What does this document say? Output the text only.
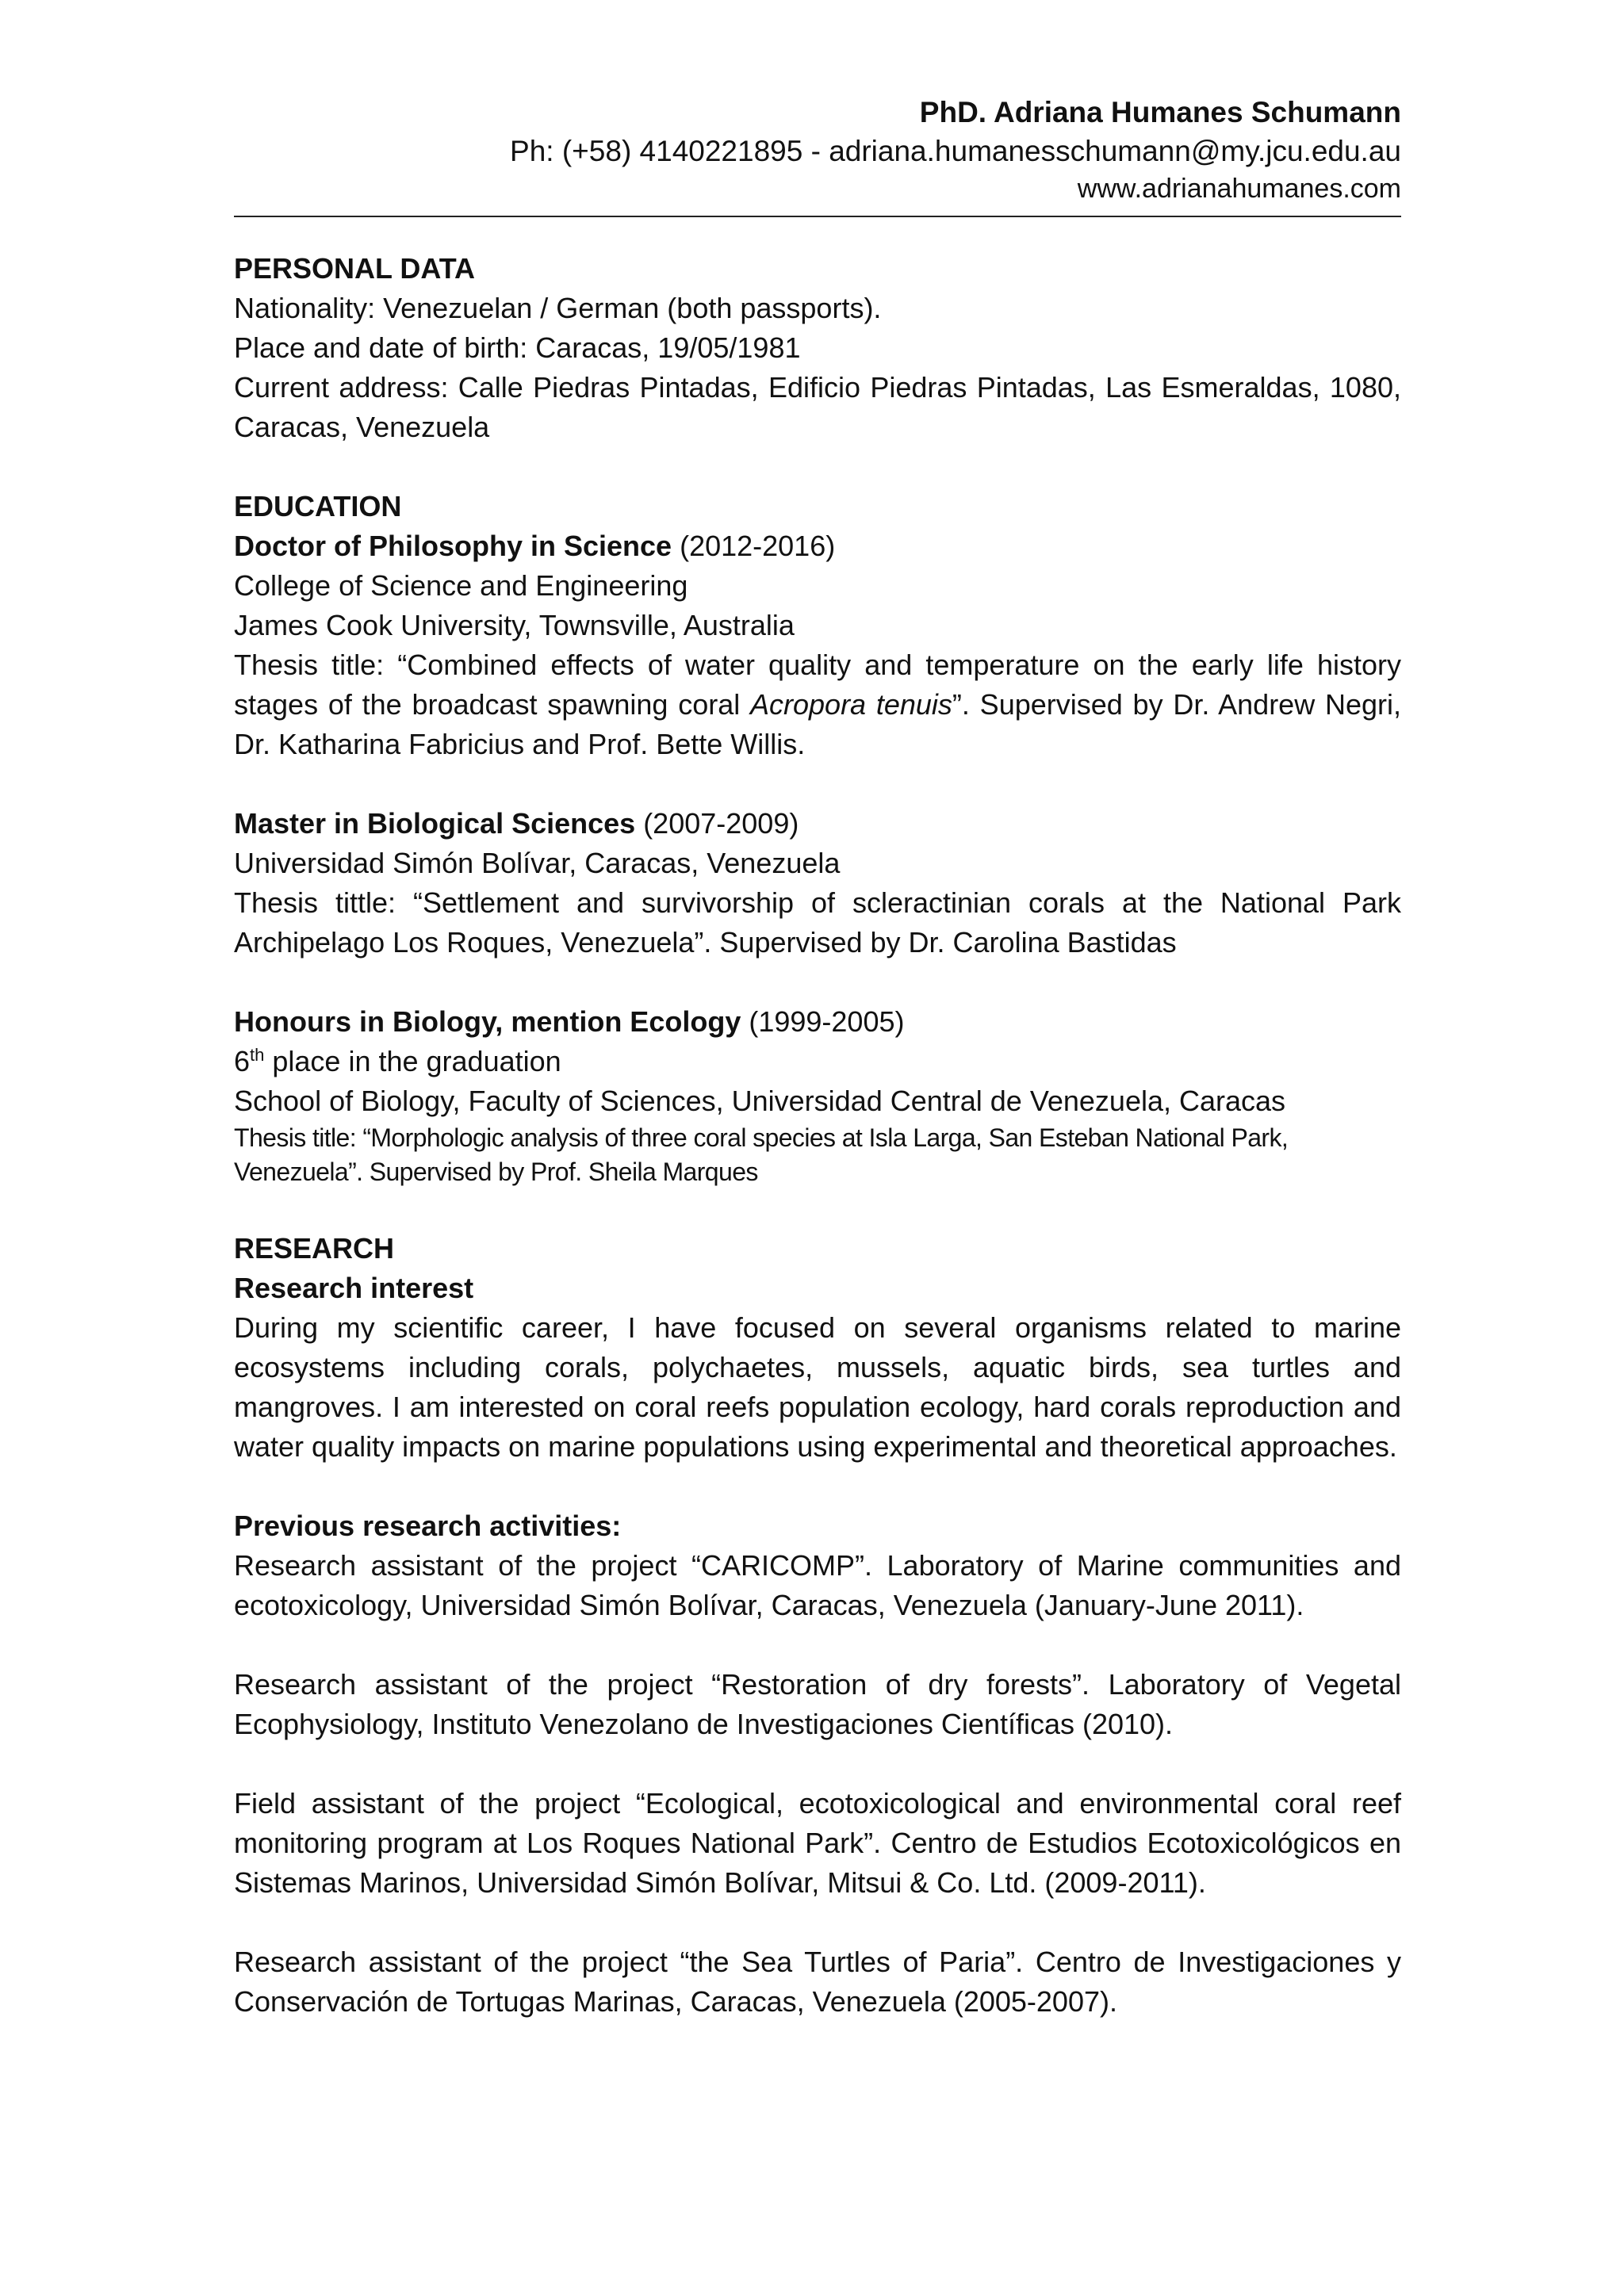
PhD. Adriana Humanes Schumann
Ph: (+58) 4140221895 - adriana.humanesschumann@my.jcu.edu.au
www.adrianahumanes.com

PERSONAL DATA

Nationality: Venezuelan / German (both passports).

Place and date of birth: Caracas, 19/05/1981

Current address: Calle Piedras Pintadas, Edificio Piedras Pintadas, Las Esmeraldas, 1080, Caracas, Venezuela

EDUCATION

Doctor of Philosophy in Science (2012-2016)

College of Science and Engineering

James Cook University, Townsville, Australia

Thesis title: “Combined effects of water quality and temperature on the early life history stages of the broadcast spawning coral Acropora tenuis”. Supervised by Dr. Andrew Negri, Dr. Katharina Fabricius and Prof. Bette Willis.

Master in Biological Sciences (2007-2009)

Universidad Simón Bolívar, Caracas, Venezuela

Thesis tittle: “Settlement and survivorship of scleractinian corals at the National Park Archipelago Los Roques, Venezuela”. Supervised by Dr. Carolina Bastidas

Honours in Biology, mention Ecology (1999-2005)

6th place in the graduation

School of Biology, Faculty of Sciences, Universidad Central de Venezuela, Caracas

Thesis title: “Morphologic analysis of three coral species at Isla Larga, San Esteban National Park, Venezuela”. Supervised by Prof. Sheila Marques

RESEARCH

Research interest

During my scientific career, I have focused on several organisms related to marine ecosystems including corals, polychaetes, mussels, aquatic birds, sea turtles and mangroves. I am interested on coral reefs population ecology, hard corals reproduction and water quality impacts on marine populations using experimental and theoretical approaches.

Previous research activities:

Research assistant of the project “CARICOMP”. Laboratory of Marine communities and ecotoxicology, Universidad Simón Bolívar, Caracas, Venezuela (January-June 2011).

Research assistant of the project “Restoration of dry forests”. Laboratory of Vegetal Ecophysiology, Instituto Venezolano de Investigaciones Científicas (2010).

Field assistant of the project “Ecological, ecotoxicological and environmental coral reef monitoring program at Los Roques National Park”. Centro de Estudios Ecotoxicológicos en Sistemas Marinos, Universidad Simón Bolívar, Mitsui & Co. Ltd. (2009-2011).

Research assistant of the project “the Sea Turtles of Paria”. Centro de Investigaciones y Conservación de Tortugas Marinas, Caracas, Venezuela (2005-2007).
